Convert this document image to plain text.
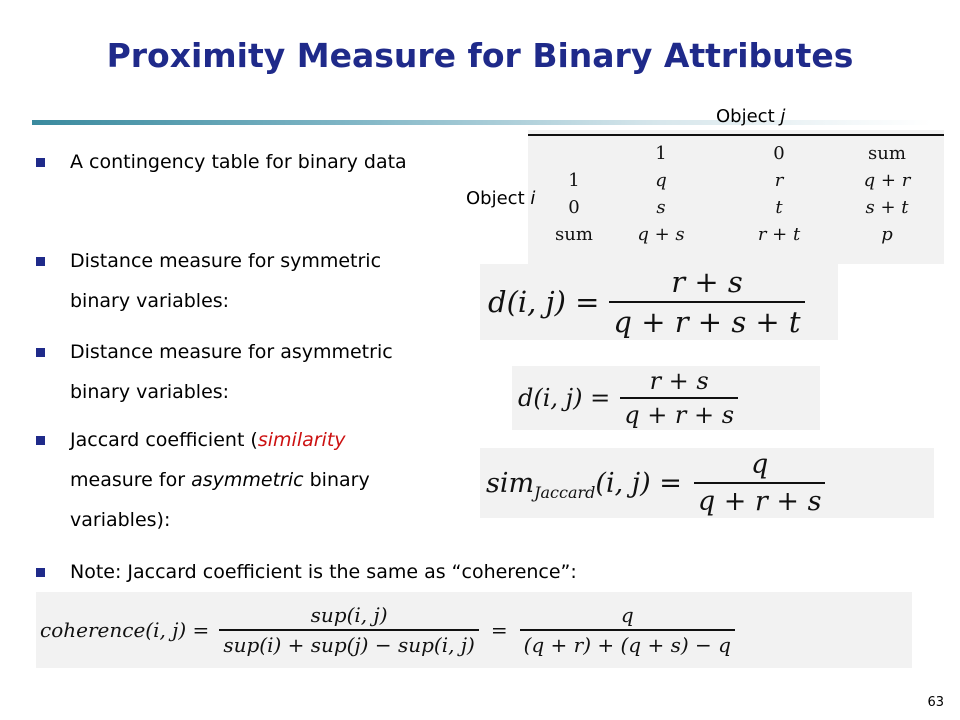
Proximity Measure for Binary Attributes
Object j
	1	0	sum
1	q	r	q + r
0	s	t	s + t
sum	q + s	r + t	p
Object i
A contingency table for binary data
Distance measure for symmetric
binary variables:	d(i, $j) = \frac{r + s}{q + r + s + t}$
Distance measure for asymmetric
binary variables:	d(i, $j) = \frac{r + s}{q + r + s}$
Jaccard coefficient (similarity
measure for asymmetric binary
variables):
sim Jaccard (i, $j) = \frac{q}{q + r + s}$
Note: Jaccard coefficient is the same as “coherence”:
coherence(i, $j) = \frac{\text{sup(i, j)}}{\text{sup(i) + sup(j) − sup(i, j)}} = \frac{q}{(q + r) + (q + s) - q}$
63
